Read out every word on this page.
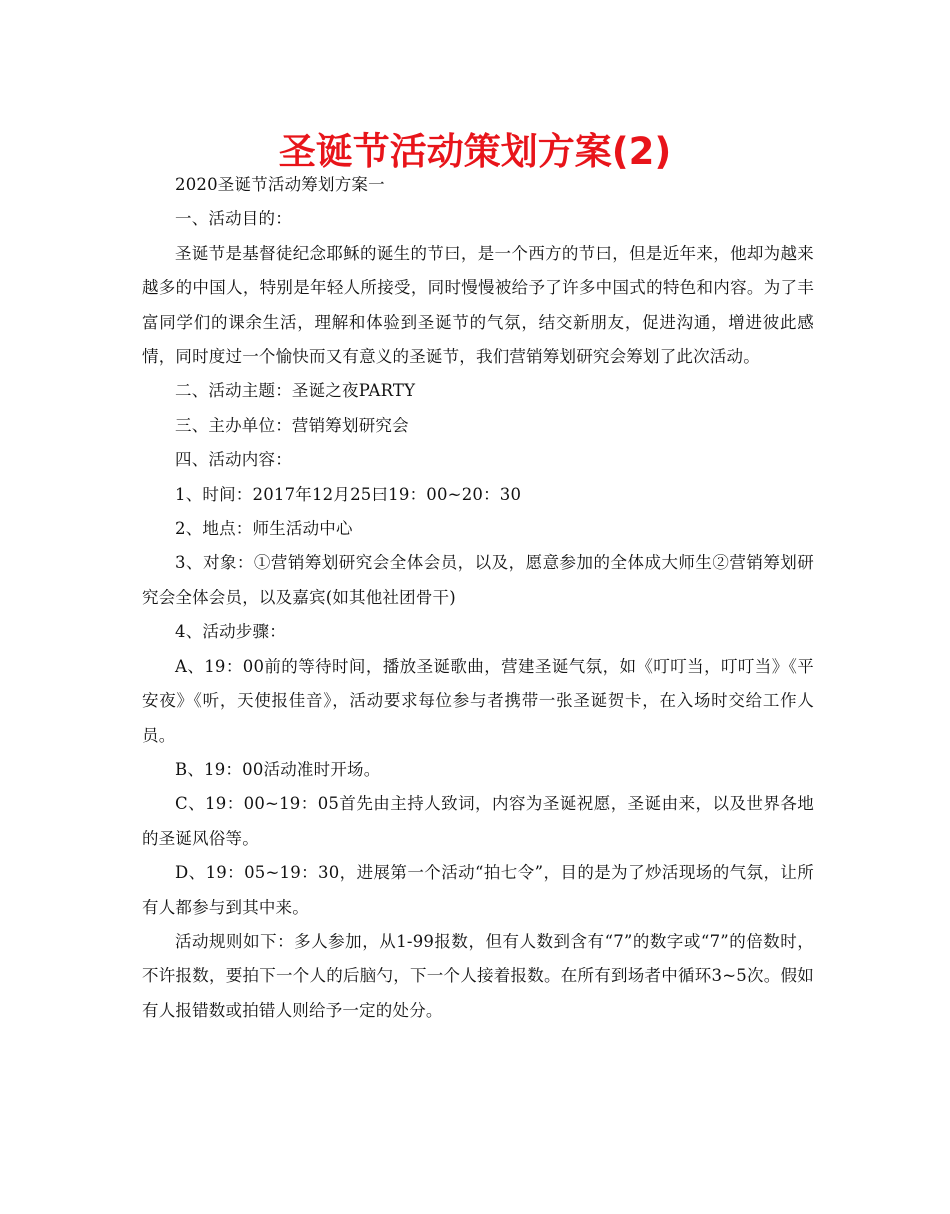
圣诞节活动策划方案(2)

2020圣诞节活动筹划方案一

一、活动目的：

圣诞节是基督徒纪念耶稣的诞生的节曰，是一个西方的节曰，但是近年来，他却为越来越多的中国人，特别是年轻人所接受，同时慢慢被给予了许多中国式的特色和内容。为了丰富同学们的课余生活，理解和体验到圣诞节的气氛，结交新朋友，促进沟通，增进彼此感情，同时度过一个愉快而又有意义的圣诞节，我们营销筹划研究会筹划了此次活动。

二、活动主题：圣诞之夜PARTY

三、主办单位：营销筹划研究会

四、活动内容：

1、时间：2017年12月25曰19：00~20：30

2、地点：师生活动中心

3、对象：①营销筹划研究会全体会员，以及，愿意参加的全体成大师生②营销筹划研究会全体会员，以及嘉宾(如其他社团骨干)

4、活动步骤：

A、19：00前的等待时间，播放圣诞歌曲，营建圣诞气氛，如《叮叮当，叮叮当》《平安夜》《听，天使报佳音》，活动要求每位参与者携带一张圣诞贺卡，在入场时交给工作人员。

B、19：00活动准时开场。

C、19：00~19：05首先由主持人致词，内容为圣诞祝愿，圣诞由来，以及世界各地的圣诞风俗等。

D、19：05~19：30，进展第一个活动“拍七令”，目的是为了炒活现场的气氛，让所有人都参与到其中来。

活动规则如下：多人参加，从1-99报数，但有人数到含有“7”的数字或“7”的倍数时，不许报数，要拍下一个人的后脑勺，下一个人接着报数。在所有到场者中循环3~5次。假如有人报错数或拍错人则给予一定的处分。
